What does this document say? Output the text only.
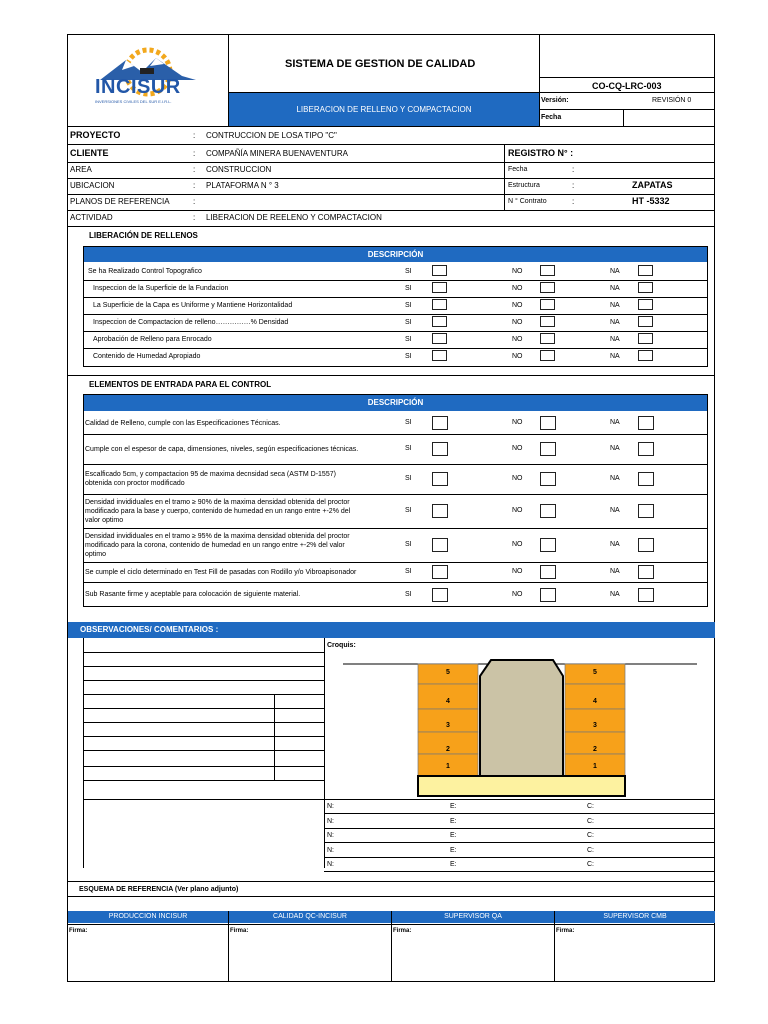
INCISUR
INVERSIONES CIVILES DEL SUR E.I.R.L.
SISTEMA DE GESTION DE CALIDAD
CO-CQ-LRC-003
LIBERACION DE RELLENO Y COMPACTACION
Versión:	REVISIÓN 0
Fecha
PROYECTO	: CONTRUCCION DE LOSA TIPO "C"
CLIENTE	: COMPAÑÍA MINERA BUENAVENTURA	REGISTRO N° :
AREA	: CONSTRUCCION	Fecha	:
UBICACION	: PLATAFORMA N ° 3	Estructura	:	ZAPATAS
PLANOS DE REFERENCIA	:	N ° Contrato	:	HT -5332
ACTIVIDAD	: LIBERACION DE REELENO Y COMPACTACION
LIBERACIÓN DE RELLENOS
DESCRIPCIÓN
Se ha Realizado Control Topografico	SI	NO	NA
Inspeccion de la Superficie de la Fundacion	SI	NO	NA
La Superficie de la Capa es Uniforme y Mantiene Horizontalidad	SI	NO	NA
Inspeccion de Compactacion de relleno……………% Densidad	SI	NO	NA
Aprobación de Relleno para Enrocado	SI	NO	NA
Contenido de Humedad Apropiado	SI	NO	NA
ELEMENTOS DE ENTRADA PARA EL CONTROL
DESCRIPCIÓN
Calidad de Relleno, cumple con las Especificaciones Técnicas.	SI	NO	NA
Cumple con el espesor de capa, dimensiones, niveles, según especificaciones técnicas.	SI	NO	NA
Escalficado 5cm, y compactacion 95 de maxima decnsidad seca (ASTM D-1557)
obtenida con proctor modificado
SI	NO	NA
Densidad invididuales en el tramo ≥ 90% de la maxima densidad obtenida del proctor
modificado para la base y cuerpo, contenido de humedad en un rango entre +-2% del
valor optimo
SI	NO	NA
Densidad invididuales en el tramo ≥ 95% de la maxima densidad obtenida del proctor
modificado para la corona, contenido de humedad en un rango entre +-2% del valor
optimo
SI	NO	NA
Se cumple el ciclo determinado en Test Fill de pasadas con Rodillo y/o Vibroapisonador	SI	NO	NA
Sub Rasante firme y aceptable para colocación de siguiente material.	SI	NO	NA
OBSERVACIONES/ COMENTARIOS :
Croquis:
5
4
3
2
1
5
4
3
2
1
N:	E:	C:
N:	E:	C:
N:	E:	C:
N:	E:	C:
N:	E:	C:
ESQUEMA DE REFERENCIA (Ver plano adjunto)
PRODUCCION INCISUR
Firma:
CALIDAD QC-INCISUR
Firma:
SUPERVISOR QA
Firma:
SUPERVISOR CMB
Firma:
